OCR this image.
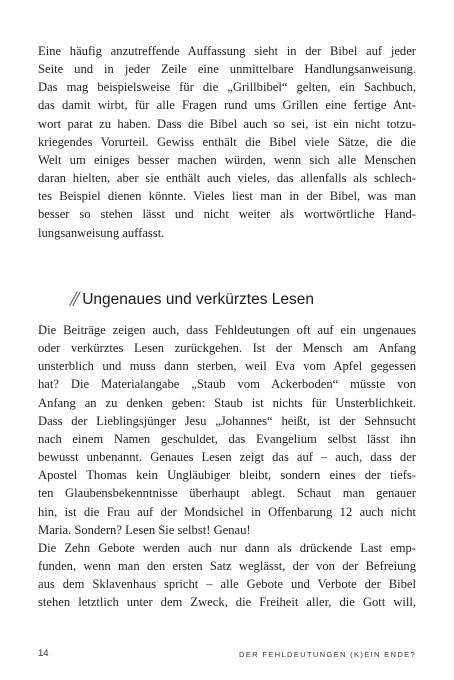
Eine häufig anzutreffende Auffassung sieht in der Bibel auf jeder
Seite und in jeder Zeile eine unmittelbare Handlungsanweisung.
Das mag beispielsweise für die „Grillbibel“ gelten, ein Sachbuch,
das damit wirbt, für alle Fragen rund ums Grillen eine fertige Ant-
wort parat zu haben. Dass die Bibel auch so sei, ist ein nicht totzu-
kriegendes Vorurteil. Gewiss enthält die Bibel viele Sätze, die die
Welt um einiges besser machen würden, wenn sich alle Menschen
daran hielten, aber sie enthält auch vieles, das allenfalls als schlech-
tes Beispiel dienen könnte. Vieles liest man in der Bibel, was man
besser so stehen lässt und nicht weiter als wortwörtliche Hand-
lungsanweisung auffasst.
// Ungenaues und verkürztes Lesen
Die Beiträge zeigen auch, dass Fehldeutungen oft auf ein ungenaues
oder verkürztes Lesen zurückgehen. Ist der Mensch am Anfang
unsterblich und muss dann sterben, weil Eva vom Apfel gegessen
hat? Die Materialangabe „Staub vom Ackerboden“ müsste von
Anfang an zu denken geben: Staub ist nichts für Unsterblichkeit.
Dass der Lieblingsjünger Jesu „Johannes“ heißt, ist der Sehnsucht
nach einem Namen geschuldet, das Evangelium selbst lässt ihn
bewusst unbenannt. Genaues Lesen zeigt das auf – auch, dass der
Apostel Thomas kein Ungläubiger bleibt, sondern eines der tiefs-
ten Glaubensbekenntnisse überhaupt ablegt. Schaut man genauer
hin, ist die Frau auf der Mondsichel in Offenbarung 12 auch nicht
Maria. Sondern? Lesen Sie selbst! Genau!
Die Zehn Gebote werden auch nur dann als drückende Last emp-
funden, wenn man den ersten Satz weglässt, der von der Befreiung
aus dem Sklavenhaus spricht – alle Gebote und Verbote der Bibel
stehen letztlich unter dem Zweck, die Freiheit aller, die Gott will,
14	DER FEHLDEUTUNGEN (K)EIN ENDE?
